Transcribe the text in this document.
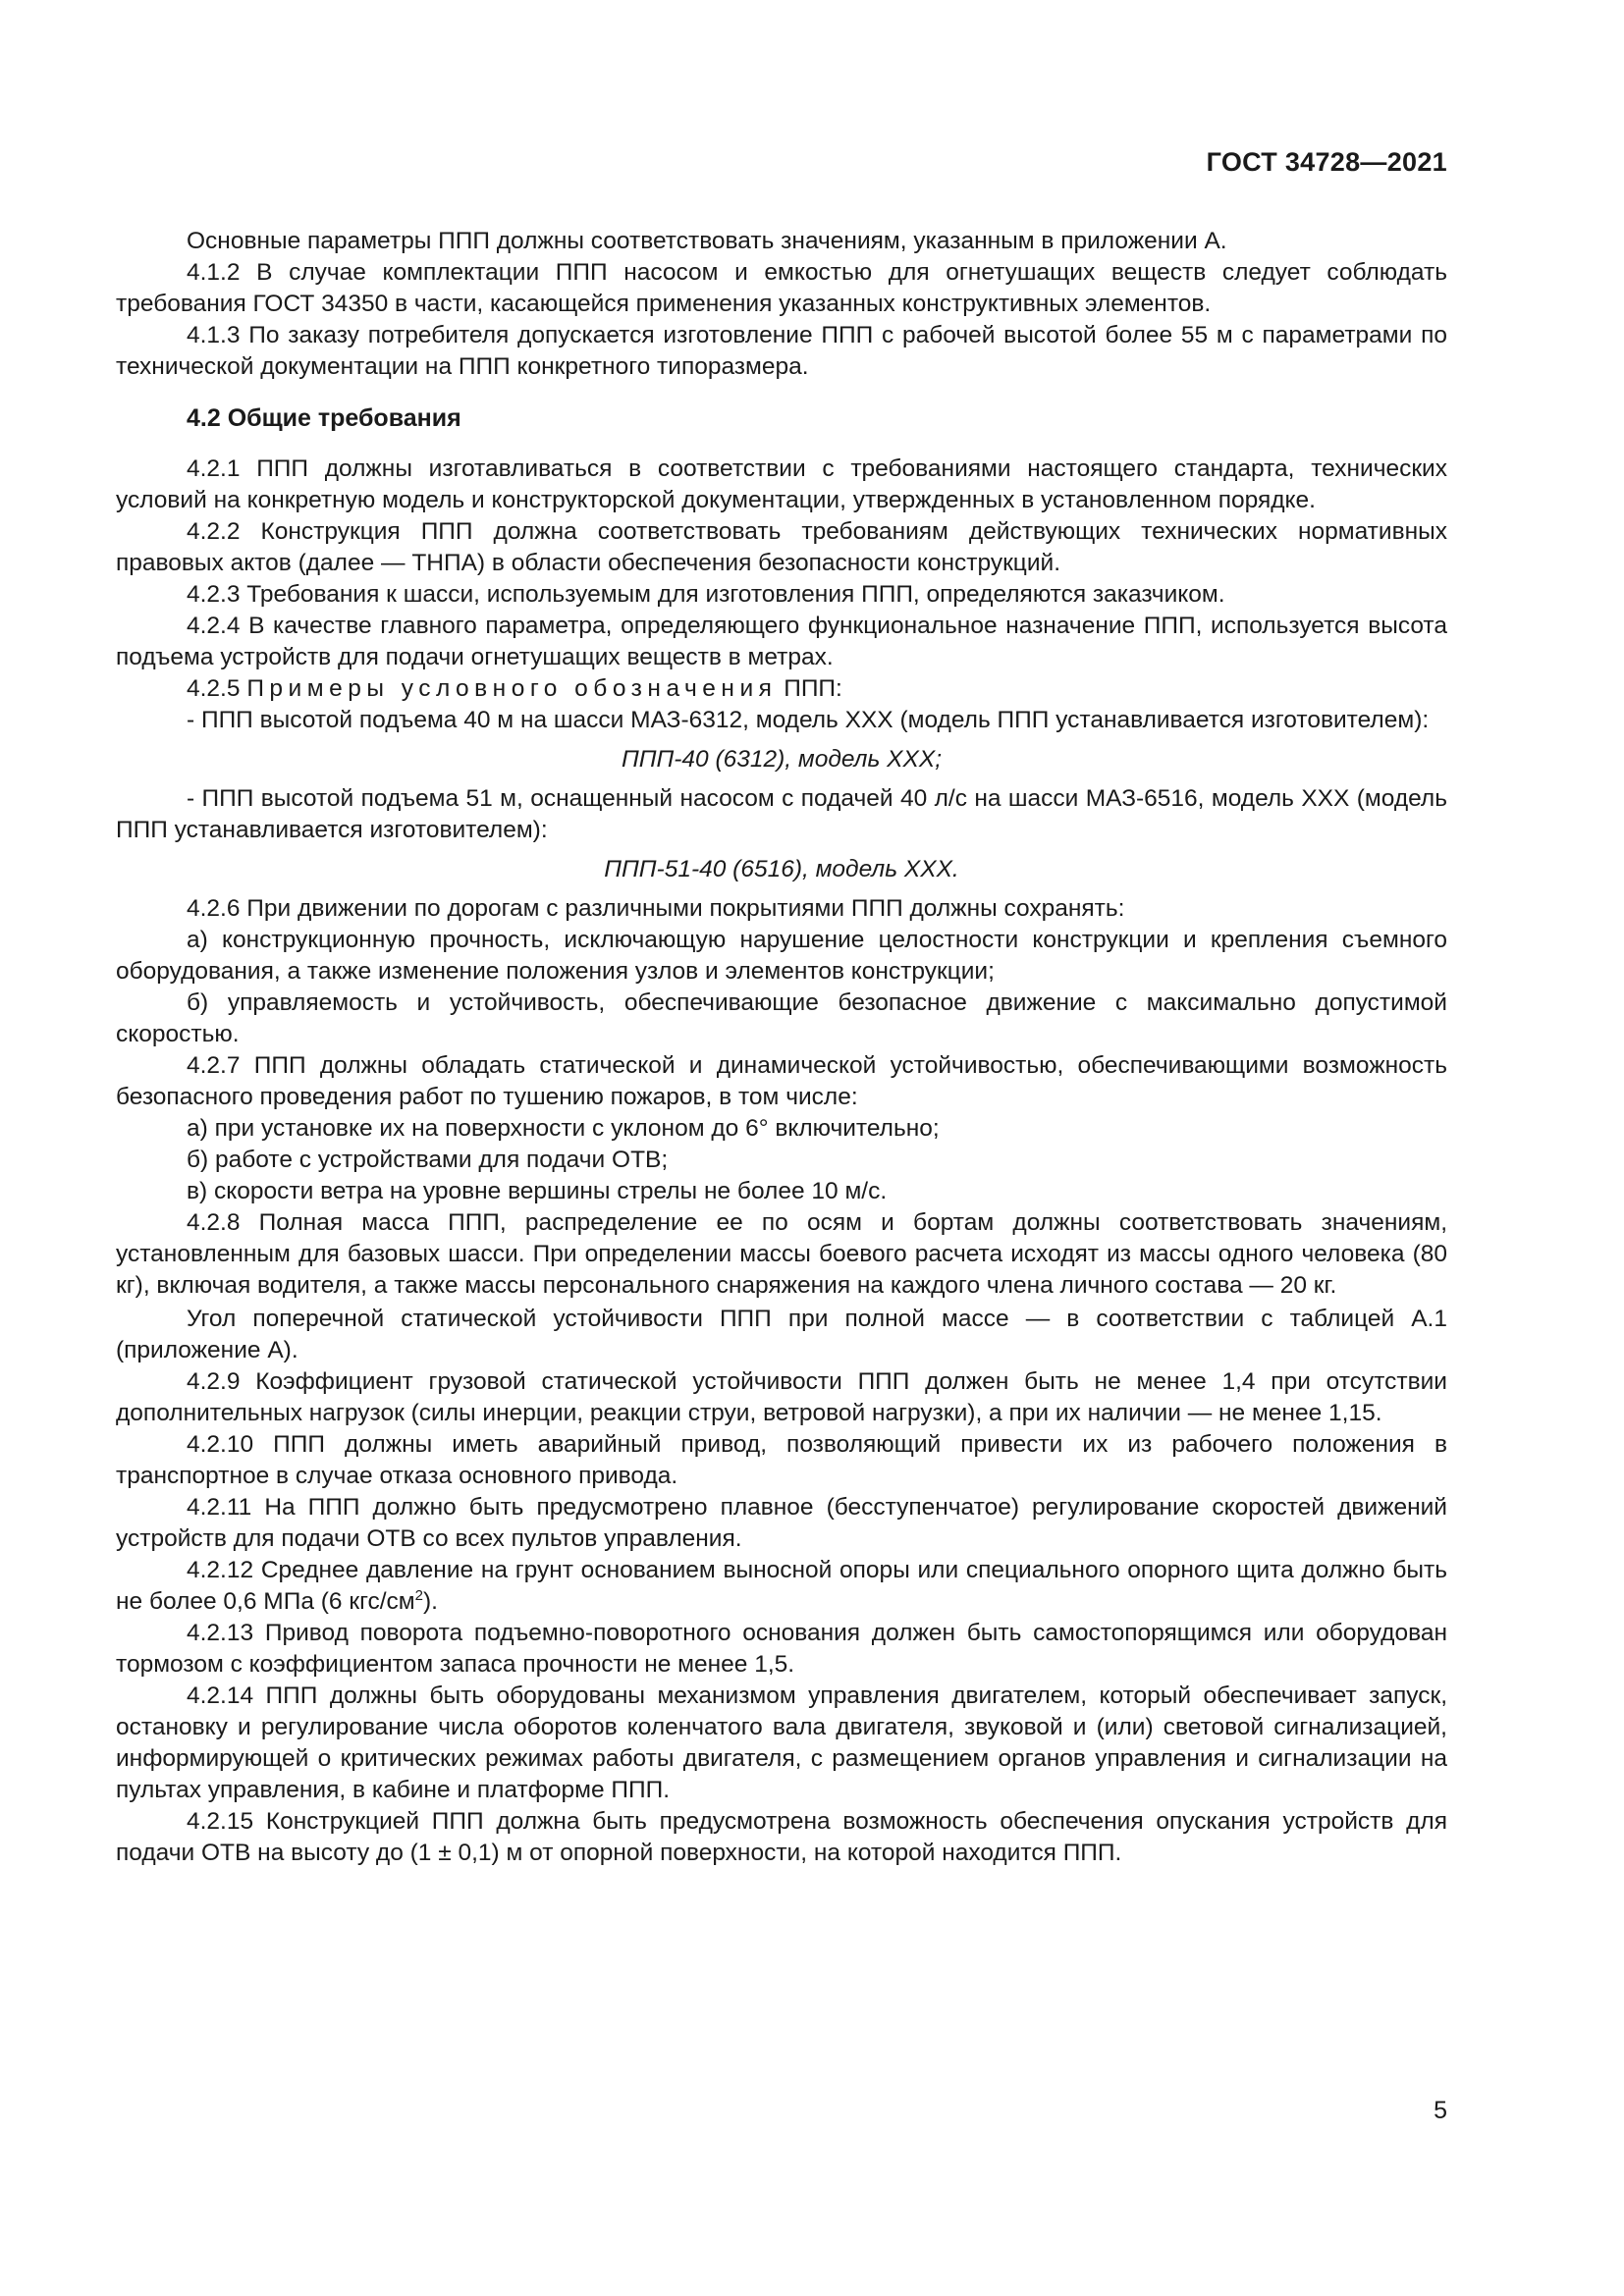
ГОСТ 34728—2021

Основные параметры ППП должны соответствовать значениям, указанным в приложении А.

4.1.2 В случае комплектации ППП насосом и емкостью для огнетушащих веществ следует соблюдать требования ГОСТ 34350 в части, касающейся применения указанных конструктивных элементов.

4.1.3 По заказу потребителя допускается изготовление ППП с рабочей высотой более 55 м с параметрами по технической документации на ППП конкретного типоразмера.

4.2 Общие требования

4.2.1 ППП должны изготавливаться в соответствии с требованиями настоящего стандарта, технических условий на конкретную модель и конструкторской документации, утвержденных в установленном порядке.

4.2.2 Конструкция ППП должна соответствовать требованиям действующих технических нормативных правовых актов (далее — ТНПА) в области обеспечения безопасности конструкций.

4.2.3 Требования к шасси, используемым для изготовления ППП, определяются заказчиком.

4.2.4 В качестве главного параметра, определяющего функциональное назначение ППП, используется высота подъема устройств для подачи огнетушащих веществ в метрах.

4.2.5 Примеры условного обозначения ППП:

- ППП высотой подъема 40 м на шасси МАЗ-6312, модель ХХХ (модель ППП устанавливается изготовителем):

ППП-40 (6312), модель ХХХ;

- ППП высотой подъема 51 м, оснащенный насосом с подачей 40 л/с на шасси МАЗ-6516, модель ХХХ (модель ППП устанавливается изготовителем):

ППП-51-40 (6516), модель ХХХ.

4.2.6 При движении по дорогам с различными покрытиями ППП должны сохранять:

а) конструкционную прочность, исключающую нарушение целостности конструкции и крепления съемного оборудования, а также изменение положения узлов и элементов конструкции;

б) управляемость и устойчивость, обеспечивающие безопасное движение с максимально допустимой скоростью.

4.2.7 ППП должны обладать статической и динамической устойчивостью, обеспечивающими возможность безопасного проведения работ по тушению пожаров, в том числе:

а) при установке их на поверхности с уклоном до 6° включительно;

б) работе с устройствами для подачи ОТВ;

в) скорости ветра на уровне вершины стрелы не более 10 м/с.

4.2.8 Полная масса ППП, распределение ее по осям и бортам должны соответствовать значениям, установленным для базовых шасси. При определении массы боевого расчета исходят из массы одного человека (80 кг), включая водителя, а также массы персонального снаряжения на каждого члена личного состава — 20 кг.

Угол поперечной статической устойчивости ППП при полной массе — в соответствии с таблицей А.1 (приложение А).

4.2.9 Коэффициент грузовой статической устойчивости ППП должен быть не менее 1,4 при отсутствии дополнительных нагрузок (силы инерции, реакции струи, ветровой нагрузки), а при их наличии — не менее 1,15.

4.2.10 ППП должны иметь аварийный привод, позволяющий привести их из рабочего положения в транспортное в случае отказа основного привода.

4.2.11 На ППП должно быть предусмотрено плавное (бесступенчатое) регулирование скоростей движений устройств для подачи ОТВ со всех пультов управления.

4.2.12 Среднее давление на грунт основанием выносной опоры или специального опорного щита должно быть не более 0,6 МПа (6 кгс/$см^2$).

4.2.13 Привод поворота подъемно-поворотного основания должен быть самостопорящимся или оборудован тормозом с коэффициентом запаса прочности не менее 1,5.

4.2.14 ППП должны быть оборудованы механизмом управления двигателем, который обеспечивает запуск, остановку и регулирование числа оборотов коленчатого вала двигателя, звуковой и (или) световой сигнализацией, информирующей о критических режимах работы двигателя, с размещением органов управления и сигнализации на пультах управления, в кабине и платформе ППП.

4.2.15 Конструкцией ППП должна быть предусмотрена возможность обеспечения опускания устройств для подачи ОТВ на высоту до (1 ± 0,1) м от опорной поверхности, на которой находится ППП.

5
